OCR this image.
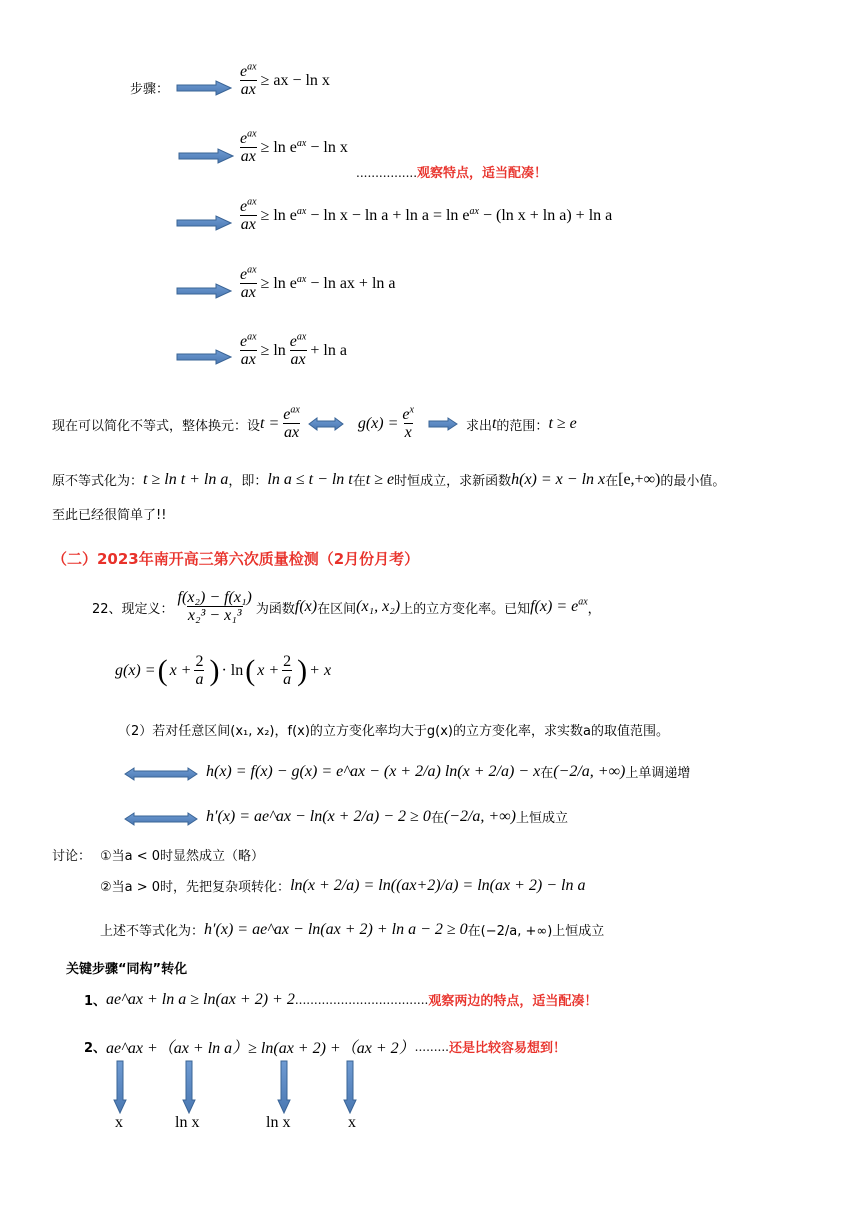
步骤：	$\frac{e^{ax}}{ax}$ ≥ ax − ln x
$\frac{e^{ax}}{ax} \ge \ln e^{ax} - \ln x$
................观察特点，适当配凑！
$\frac{e^{ax}}{ax} \ge \ln e^{ax} - \ln x - \ln a + \ln a = \ln e^{ax} - (\ln$ x + ln a) + ln a
$\frac{e^{ax}}{ax} \ge \ln e^{ax} - \ln$ ax + ln a
$\frac{e^{ax}}{ax} \ge \ln \frac{e^{ax}}{ax} + \ln a$
现在可以简化不等式，整体换元：设 $t = \frac{e^{ax}}{ax}$	$g(x) = \frac{e^x}{x}$	求出 t 的范围： t ≥ e
原不等式化为： t ≥ ln t + ln a ，即： ln a ≤ t − ln t 在 t ≥ e 时恒成立，求新函数 h(x) = x − ln x 在 [e,+∞) 的最小值。
至此已经很简单了!!
（二）2023年南开高三第六次质量检测（2月份月考）
22、现定义： $\frac{\text{f(x₂) − f(x₁)}}{\text{x₂³ − x₁³}}$ 为函数 f(x) 在区间 (x₁, x₂) 上的立方变化率。已知 $f(x) = e^{ax}$ ，
g(x) = ( $x + \frac{2}{a}$ ) · ln ( $x + \frac{2}{a}$ ) + x
（2）若对任意区间(x₁, x₂)，f(x)的立方变化率均大于g(x)的立方变化率，求实数a的取值范围。
h(x) = f(x) − g(x) = e^ax − (x + 2/a) ln(x + 2/a) − x 在 (−2/a, +∞) 上单调递增
h′(x) = ae^ax − ln(x + 2/a) − 2 ≥ 0 在 (−2/a, +∞) 上恒成立
讨论： ①当a < 0时显然成立（略）
②当a > 0时，先把复杂项转化： ln(x + 2/a) = ln((ax+2)/a) = ln(ax + 2) − ln a
上述不等式化为： h′(x) = ae^ax − ln(ax + 2) + ln a − 2 ≥ 0 在(−2/a, +∞)上恒成立
关键步骤“同构”转化
1、 ae^ax + ln a ≥ ln(ax + 2) + 2 ................................... 观察两边的特点，适当配凑！
2、 ae^ax +（ax + ln a）≥ ln(ax + 2) +（ax + 2） ......... 还是比较容易想到！
x	ln x	ln x	x
